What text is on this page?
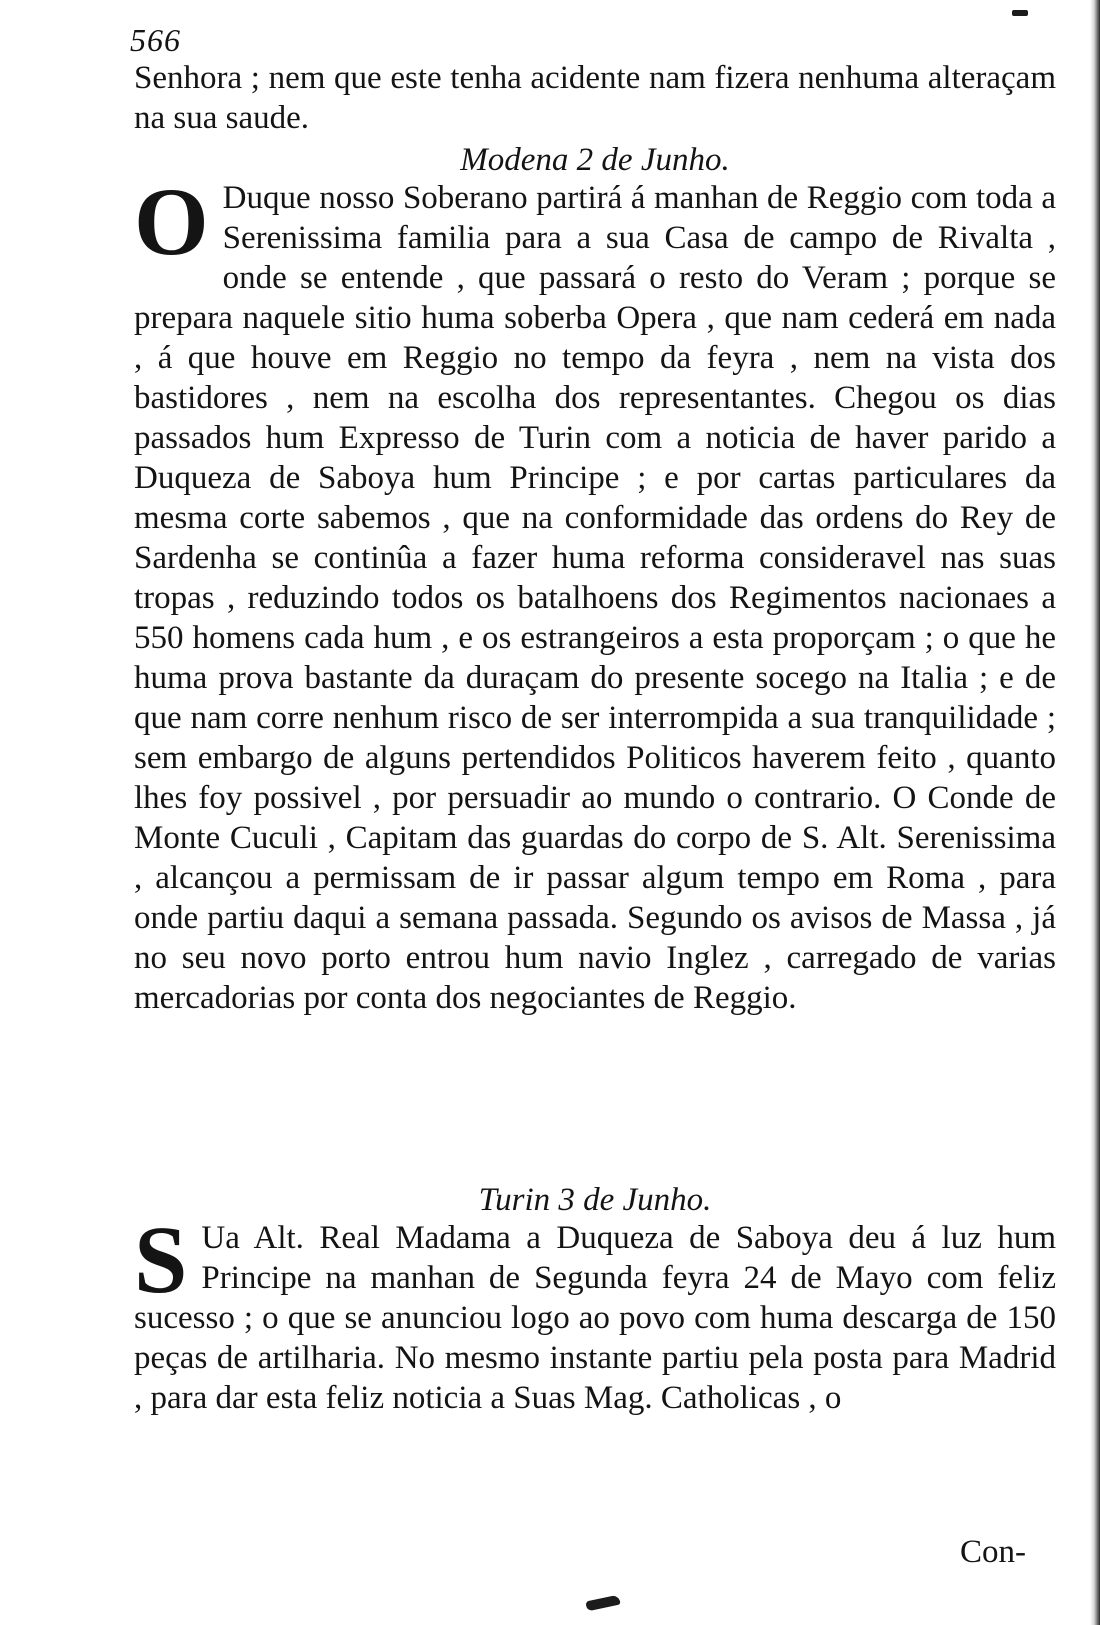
566

Senhora ; nem que este tenha acidente nam fizera nenhuma alteraçam na sua saude.

Modena 2 de Junho.

O Duque nosso Soberano partirá á manhan de Reggio com toda a Serenissima familia para a sua Casa de campo de Rivalta , onde se entende , que passará o resto do Veram ; porque se prepara naquele sitio huma soberba Opera , que nam cederá em nada , á que houve em Reggio no tempo da feyra , nem na vista dos bastidores , nem na escolha dos representantes. Chegou os dias passados hum Expresso de Turin com a noticia de haver parido a Duqueza de Saboya hum Principe ; e por cartas particulares da mesma corte sabemos , que na conformidade das ordens do Rey de Sardenha se continûa a fazer huma reforma consideravel nas suas tropas , reduzindo todos os batalhoens dos Regimentos nacionaes a 550 homens cada hum , e os estrangeiros a esta proporçam ; o que he huma prova bastante da duraçam do presente socego na Italia ; e de que nam corre nenhum risco de ser interrompida a sua tranquilidade ; sem embargo de alguns pertendidos Politicos haverem feito , quanto lhes foy possivel , por persuadir ao mundo o contrario. O Conde de Monte Cuculi , Capitam das guardas do corpo de S. Alt. Serenissima , alcançou a permissam de ir passar algum tempo em Roma , para onde partiu daqui a semana passada. Segundo os avisos de Massa , já no seu novo porto entrou hum navio Inglez , carregado de varias mercadorias por conta dos negociantes de Reggio.

Turin 3 de Junho.

S Ua Alt. Real Madama a Duqueza de Saboya deu á luz hum Principe na manhan de Segunda feyra 24 de Mayo com feliz sucesso ; o que se anunciou logo ao povo com huma descarga de 150 peças de artilharia. No mesmo instante partiu pela posta para Madrid , para dar esta feliz noticia a Suas Mag. Catholicas , o

Con-
